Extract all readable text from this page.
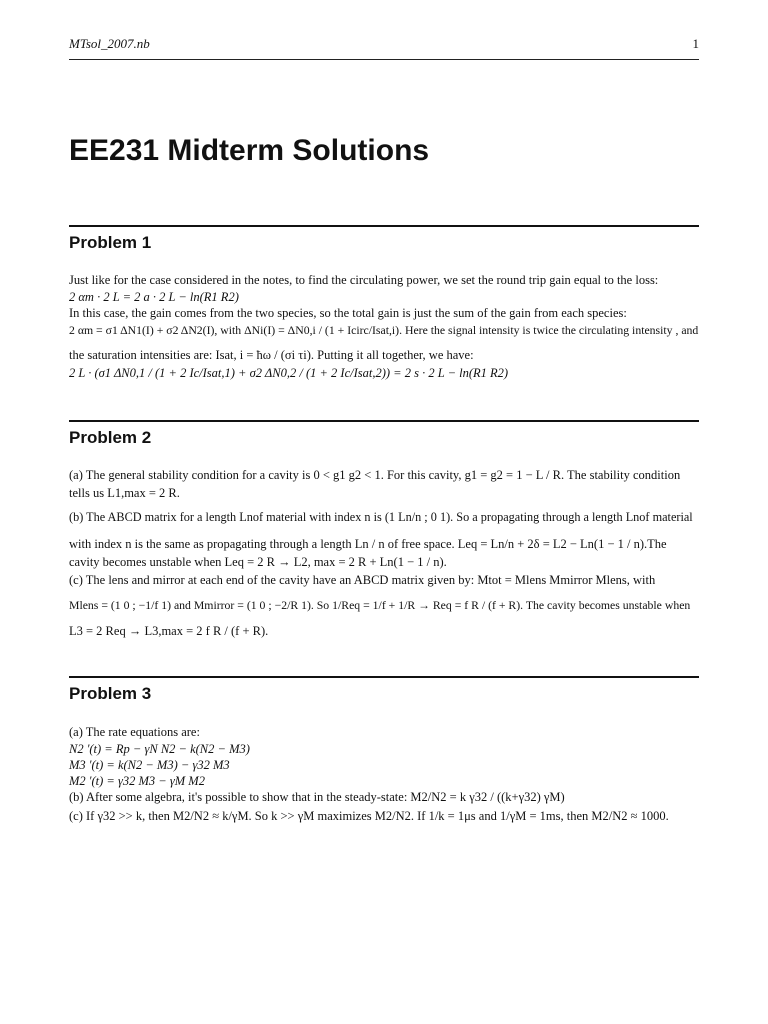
MTsol_2007.nb	1
EE231 Midterm Solutions
Problem 1
Just like for the case considered in the notes, to find the circulating power, we set the round trip gain equal to the loss:
2 αm · 2 L = 2 a · 2 L − ln(R1 R2)
In this case, the gain comes from the two species, so the total gain is just the sum of the gain from each species:
2 αm = σ1 ΔN1(I) + σ2 ΔN2(I), with ΔNi(I) = ΔN0,i / (1 + Icirc/Isat,i). Here the signal intensity is twice the circulating intensity , and
the saturation intensities are: Isat, i = ħω / (σi τi). Putting it all together, we have:
2 L · (σ1 ΔN0,1 / (1 + 2 Ic/Isat,1) + σ2 ΔN0,2 / (1 + 2 Ic/Isat,2)) = 2 s · 2 L − ln(R1 R2)
Problem 2
(a) The general stability condition for a cavity is 0 < g1 g2 < 1. For this cavity, g1 = g2 = 1 − L / R. The stability condition
tells us L1,max = 2 R.
(b) The ABCD matrix for a length Lnof material with index n is (1 Ln/n ; 0 1). So a propagating through a length Lnof material
with index n is the same as propagating through a length Ln / n of free space. Leq = Ln/n + 2δ = L2 − Ln(1 − 1 / n).The
cavity becomes unstable when Leq = 2 R → L2, max = 2 R + Ln(1 − 1 / n).
(c) The lens and mirror at each end of the cavity have an ABCD matrix given by: Mtot = Mlens Mmirror Mlens, with
Mlens = (1 0 ; −1/f 1) and Mmirror = (1 0 ; −2/R 1). So 1/Req = 1/f + 1/R → Req = f R / (f + R). The cavity becomes unstable when
L3 = 2 Req → L3,max = 2 f R / (f + R).
Problem 3
(a) The rate equations are:
N2 '(t) = Rp − γN N2 − k(N2 − M3)
M3 '(t) = k(N2 − M3) − γ32 M3
M2 '(t) = γ32 M3 − γM M2
(b) After some algebra, it's possible to show that in the steady-state: M2/N2 = k γ32 / ((k+γ32) γM)
(c) If γ32 >> k, then M2/N2 ≈ k/γM. So k >> γM maximizes M2/N2. If 1/k = 1μs and 1/γM = 1ms, then M2/N2 ≈ 1000.
